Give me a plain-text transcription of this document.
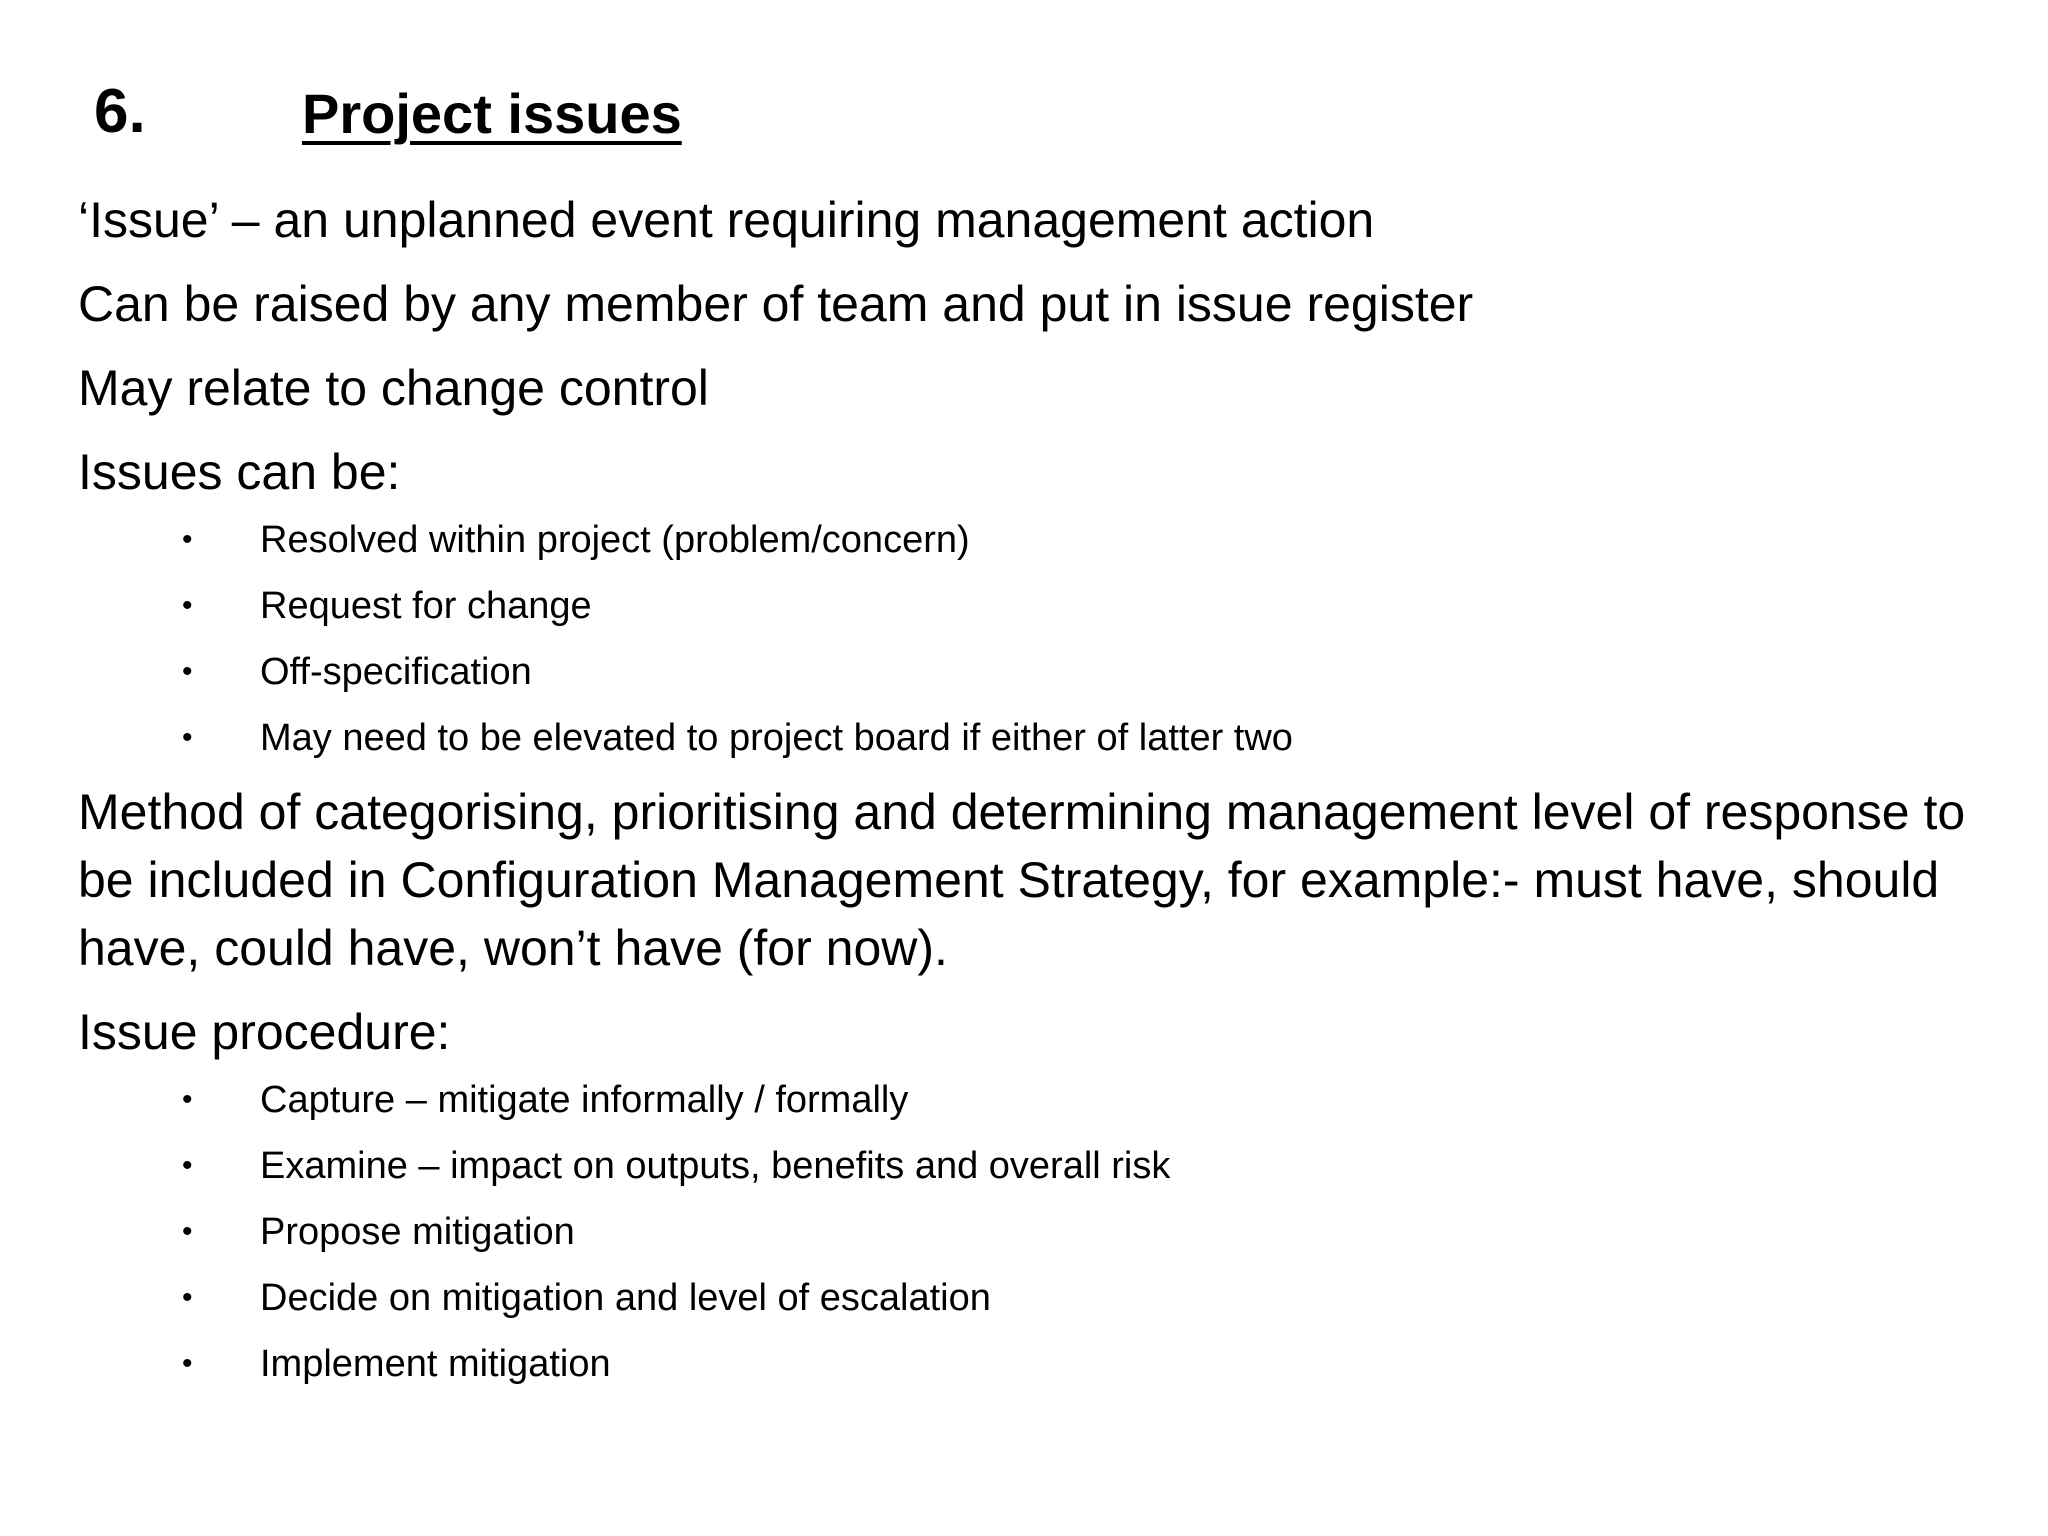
6.	Project issues

‘Issue’ – an unplanned event requiring management action

Can be raised by any member of team and put in issue register

May relate to change control

Issues can be:

• Resolved within project (problem/concern)
• Request for change
• Off-specification
• May need to be elevated to project board if either of latter two

Method of categorising, prioritising and determining management level of response to be included in Configuration Management Strategy, for example:- must have, should have, could have, won’t have (for now).

Issue procedure:

• Capture – mitigate informally / formally
• Examine – impact on outputs, benefits and overall risk
• Propose mitigation
• Decide on mitigation and level of escalation
• Implement mitigation
